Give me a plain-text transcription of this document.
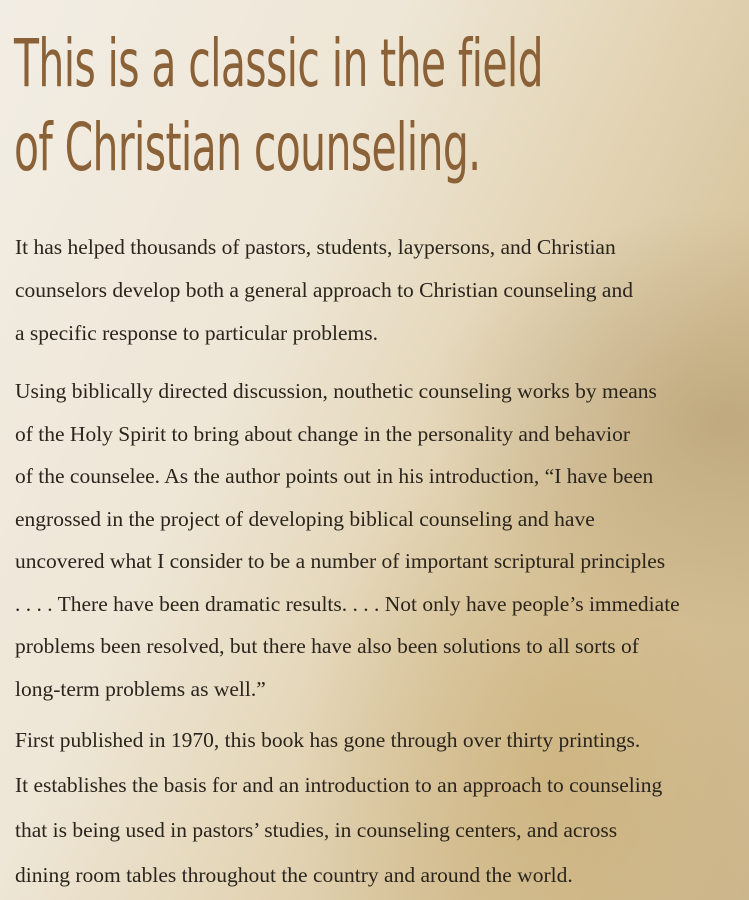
This is a classic in the field
of Christian counseling.
It has helped thousands of pastors, students, laypersons, and Christian
counselors develop both a general approach to Christian counseling and
a specific response to particular problems.
Using biblically directed discussion, nouthetic counseling works by means
of the Holy Spirit to bring about change in the personality and behavior
of the counselee. As the author points out in his introduction, “I have been
engrossed in the project of developing biblical counseling and have
uncovered what I consider to be a number of important scriptural principles
. . . . There have been dramatic results. . . . Not only have people’s immediate
problems been resolved, but there have also been solutions to all sorts of
long-term problems as well.”
First published in 1970, this book has gone through over thirty printings.
It establishes the basis for and an introduction to an approach to counseling
that is being used in pastors’ studies, in counseling centers, and across
dining room tables throughout the country and around the world.
